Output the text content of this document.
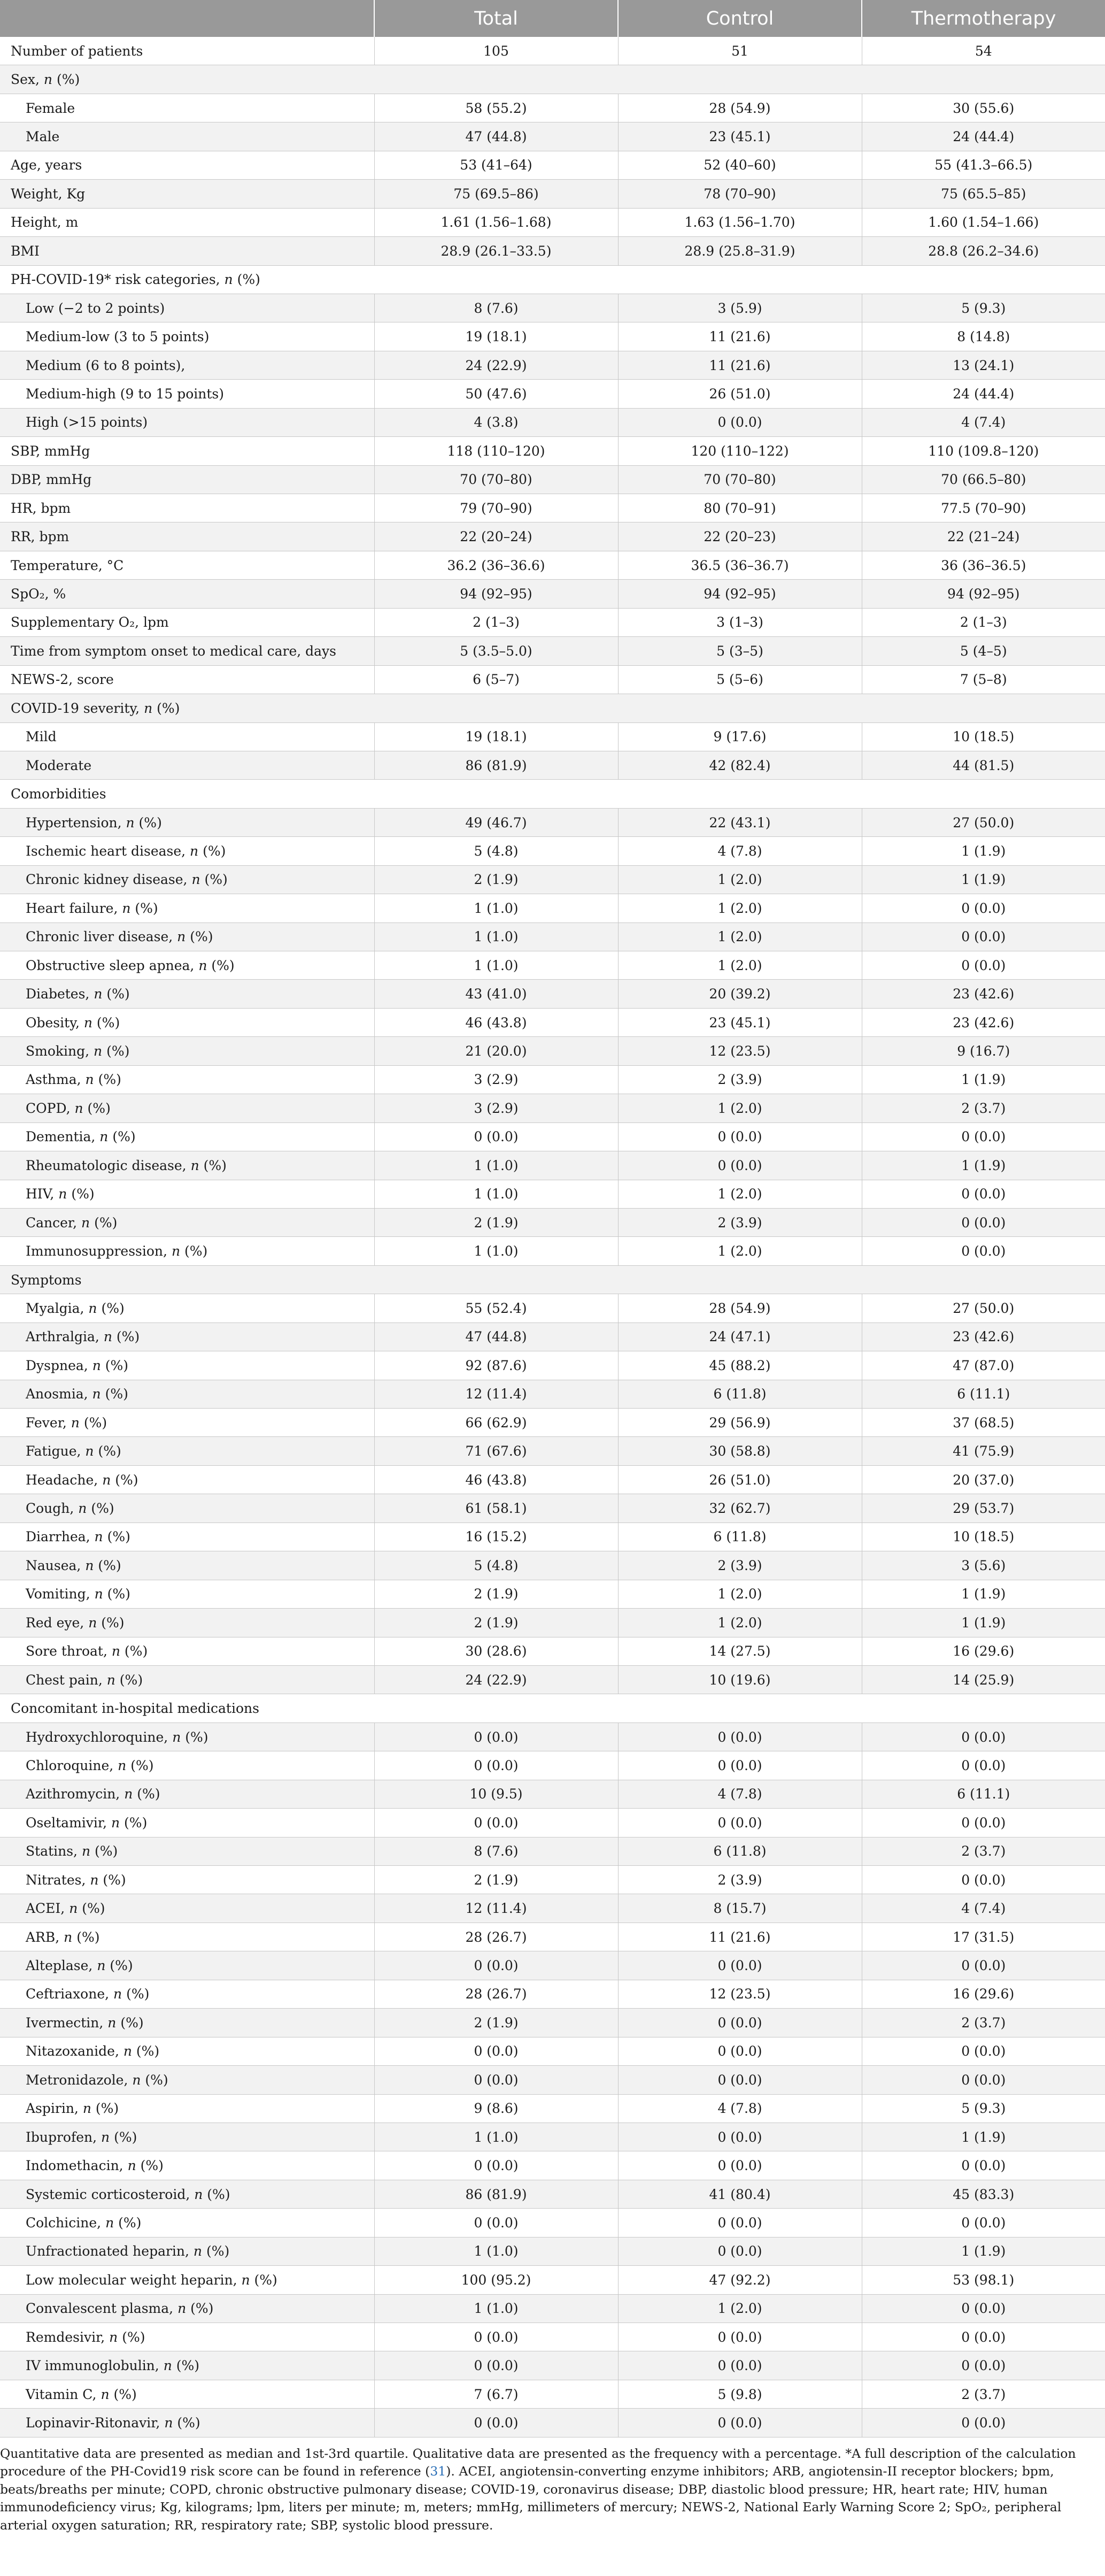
	Total	Control	Thermotherapy
Number of patients	105	51	54
Sex, n (%)			
Female	58 (55.2)	28 (54.9)	30 (55.6)
Male	47 (44.8)	23 (45.1)	24 (44.4)
Age, years	53 (41–64)	52 (40–60)	55 (41.3–66.5)
Weight, Kg	75 (69.5–86)	78 (70–90)	75 (65.5–85)
Height, m	1.61 (1.56–1.68)	1.63 (1.56–1.70)	1.60 (1.54–1.66)
BMI	28.9 (26.1–33.5)	28.9 (25.8–31.9)	28.8 (26.2–34.6)
PH-COVID-19* risk categories, n (%)			
Low (−2 to 2 points)	8 (7.6)	3 (5.9)	5 (9.3)
Medium-low (3 to 5 points)	19 (18.1)	11 (21.6)	8 (14.8)
Medium (6 to 8 points),	24 (22.9)	11 (21.6)	13 (24.1)
Medium-high (9 to 15 points)	50 (47.6)	26 (51.0)	24 (44.4)
High (>15 points)	4 (3.8)	0 (0.0)	4 (7.4)
SBP, mmHg	118 (110–120)	120 (110–122)	110 (109.8–120)
DBP, mmHg	70 (70–80)	70 (70–80)	70 (66.5–80)
HR, bpm	79 (70–90)	80 (70–91)	77.5 (70–90)
RR, bpm	22 (20–24)	22 (20–23)	22 (21–24)
Temperature, °C	36.2 (36–36.6)	36.5 (36–36.7)	36 (36–36.5)
SpO₂, %	94 (92–95)	94 (92–95)	94 (92–95)
Supplementary O₂, lpm	2 (1–3)	3 (1–3)	2 (1–3)
Time from symptom onset to medical care, days	5 (3.5–5.0)	5 (3–5)	5 (4–5)
NEWS-2, score	6 (5–7)	5 (5–6)	7 (5–8)
COVID-19 severity, n (%)			
Mild	19 (18.1)	9 (17.6)	10 (18.5)
Moderate	86 (81.9)	42 (82.4)	44 (81.5)
Comorbidities			
Hypertension, n (%)	49 (46.7)	22 (43.1)	27 (50.0)
Ischemic heart disease, n (%)	5 (4.8)	4 (7.8)	1 (1.9)
Chronic kidney disease, n (%)	2 (1.9)	1 (2.0)	1 (1.9)
Heart failure, n (%)	1 (1.0)	1 (2.0)	0 (0.0)
Chronic liver disease, n (%)	1 (1.0)	1 (2.0)	0 (0.0)
Obstructive sleep apnea, n (%)	1 (1.0)	1 (2.0)	0 (0.0)
Diabetes, n (%)	43 (41.0)	20 (39.2)	23 (42.6)
Obesity, n (%)	46 (43.8)	23 (45.1)	23 (42.6)
Smoking, n (%)	21 (20.0)	12 (23.5)	9 (16.7)
Asthma, n (%)	3 (2.9)	2 (3.9)	1 (1.9)
COPD, n (%)	3 (2.9)	1 (2.0)	2 (3.7)
Dementia, n (%)	0 (0.0)	0 (0.0)	0 (0.0)
Rheumatologic disease, n (%)	1 (1.0)	0 (0.0)	1 (1.9)
HIV, n (%)	1 (1.0)	1 (2.0)	0 (0.0)
Cancer, n (%)	2 (1.9)	2 (3.9)	0 (0.0)
Immunosuppression, n (%)	1 (1.0)	1 (2.0)	0 (0.0)
Symptoms			
Myalgia, n (%)	55 (52.4)	28 (54.9)	27 (50.0)
Arthralgia, n (%)	47 (44.8)	24 (47.1)	23 (42.6)
Dyspnea, n (%)	92 (87.6)	45 (88.2)	47 (87.0)
Anosmia, n (%)	12 (11.4)	6 (11.8)	6 (11.1)
Fever, n (%)	66 (62.9)	29 (56.9)	37 (68.5)
Fatigue, n (%)	71 (67.6)	30 (58.8)	41 (75.9)
Headache, n (%)	46 (43.8)	26 (51.0)	20 (37.0)
Cough, n (%)	61 (58.1)	32 (62.7)	29 (53.7)
Diarrhea, n (%)	16 (15.2)	6 (11.8)	10 (18.5)
Nausea, n (%)	5 (4.8)	2 (3.9)	3 (5.6)
Vomiting, n (%)	2 (1.9)	1 (2.0)	1 (1.9)
Red eye, n (%)	2 (1.9)	1 (2.0)	1 (1.9)
Sore throat, n (%)	30 (28.6)	14 (27.5)	16 (29.6)
Chest pain, n (%)	24 (22.9)	10 (19.6)	14 (25.9)
Concomitant in-hospital medications			
Hydroxychloroquine, n (%)	0 (0.0)	0 (0.0)	0 (0.0)
Chloroquine, n (%)	0 (0.0)	0 (0.0)	0 (0.0)
Azithromycin, n (%)	10 (9.5)	4 (7.8)	6 (11.1)
Oseltamivir, n (%)	0 (0.0)	0 (0.0)	0 (0.0)
Statins, n (%)	8 (7.6)	6 (11.8)	2 (3.7)
Nitrates, n (%)	2 (1.9)	2 (3.9)	0 (0.0)
ACEI, n (%)	12 (11.4)	8 (15.7)	4 (7.4)
ARB, n (%)	28 (26.7)	11 (21.6)	17 (31.5)
Alteplase, n (%)	0 (0.0)	0 (0.0)	0 (0.0)
Ceftriaxone, n (%)	28 (26.7)	12 (23.5)	16 (29.6)
Ivermectin, n (%)	2 (1.9)	0 (0.0)	2 (3.7)
Nitazoxanide, n (%)	0 (0.0)	0 (0.0)	0 (0.0)
Metronidazole, n (%)	0 (0.0)	0 (0.0)	0 (0.0)
Aspirin, n (%)	9 (8.6)	4 (7.8)	5 (9.3)
Ibuprofen, n (%)	1 (1.0)	0 (0.0)	1 (1.9)
Indomethacin, n (%)	0 (0.0)	0 (0.0)	0 (0.0)
Systemic corticosteroid, n (%)	86 (81.9)	41 (80.4)	45 (83.3)
Colchicine, n (%)	0 (0.0)	0 (0.0)	0 (0.0)
Unfractionated heparin, n (%)	1 (1.0)	0 (0.0)	1 (1.9)
Low molecular weight heparin, n (%)	100 (95.2)	47 (92.2)	53 (98.1)
Convalescent plasma, n (%)	1 (1.0)	1 (2.0)	0 (0.0)
Remdesivir, n (%)	0 (0.0)	0 (0.0)	0 (0.0)
IV immunoglobulin, n (%)	0 (0.0)	0 (0.0)	0 (0.0)
Vitamin C, n (%)	7 (6.7)	5 (9.8)	2 (3.7)
Lopinavir-Ritonavir, n (%)	0 (0.0)	0 (0.0)	0 (0.0)
Quantitative data are presented as median and 1st-3rd quartile. Qualitative data are presented as the frequency with a percentage. *A full description of the calculation procedure of the PH-Covid19 risk score can be found in reference (31). ACEI, angiotensin-converting enzyme inhibitors; ARB, angiotensin-II receptor blockers; bpm, beats/breaths per minute; COPD, chronic obstructive pulmonary disease; COVID-19, coronavirus disease; DBP, diastolic blood pressure; HR, heart rate; HIV, human immunodeficiency virus; Kg, kilograms; lpm, liters per minute; m, meters; mmHg, millimeters of mercury; NEWS-2, National Early Warning Score 2; SpO₂, peripheral arterial oxygen saturation; RR, respiratory rate; SBP, systolic blood pressure.
